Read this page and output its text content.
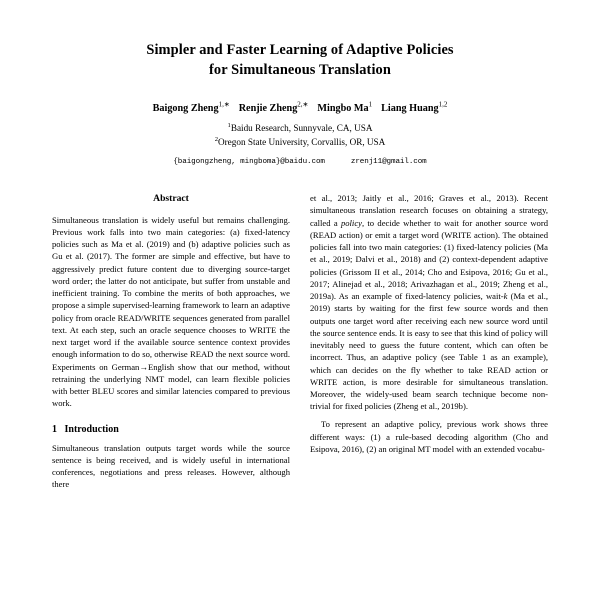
Simpler and Faster Learning of Adaptive Policies
for Simultaneous Translation
Baigong Zheng$^{1,∗}$ Renjie Zheng$^{2,∗}$ Mingbo Ma$^1$ Liang Huang$^{1,2}$
$^1$Baidu Research, Sunnyvale, CA, USA
$^2$Oregon State University, Corvallis, OR, USA
{baigongzheng, mingboma}@baidu.com	zrenj11@gmail.com
Abstract

Simultaneous translation is widely useful but remains challenging. Previous work falls into two main categories: (a) fixed-latency policies such as Ma et al. (2019) and (b) adaptive policies such as Gu et al. (2017). The former are simple and effective, but have to aggressively predict future content due to diverging source-target word order; the latter do not anticipate, but suffer from unstable and inefficient training. To combine the merits of both approaches, we propose a simple supervised-learning framework to learn an adaptive policy from oracle READ/WRITE sequences generated from parallel text. At each step, such an oracle sequence chooses to WRITE the next target word if the available source sentence context provides enough information to do so, otherwise READ the next source word. Experiments on German→English show that our method, without retraining the underlying NMT model, can learn flexible policies with better BLEU scores and similar latencies compared to previous work.

1 Introduction

Simultaneous translation outputs target words while the source sentence is being received, and is widely useful in international conferences, negotiations and press releases. However, although there

et al., 2013; Jaitly et al., 2016; Graves et al., 2013). Recent simultaneous translation research focuses on obtaining a strategy, called a policy, to decide whether to wait for another source word (READ action) or emit a target word (WRITE action). The obtained policies fall into two main categories: (1) fixed-latency policies (Ma et al., 2019; Dalvi et al., 2018) and (2) context-dependent adaptive policies (Grissom II et al., 2014; Cho and Esipova, 2016; Gu et al., 2017; Alinejad et al., 2018; Arivazhagan et al., 2019; Zheng et al., 2019a). As an example of fixed-latency policies, wait-k (Ma et al., 2019) starts by waiting for the first few source words and then outputs one target word after receiving each new source word until the source sentence ends. It is easy to see that this kind of policy will inevitably need to guess the future content, which can often be incorrect. Thus, an adaptive policy (see Table 1 as an example), which can decides on the fly whether to take READ action or WRITE action, is more desirable for simultaneous translation. Moreover, the widely-used beam search technique become non-trivial for fixed policies (Zheng et al., 2019b).

To represent an adaptive policy, previous work shows three different ways: (1) a rule-based decoding algorithm (Cho and Esipova, 2016), (2) an original MT model with an extended vocabu-
